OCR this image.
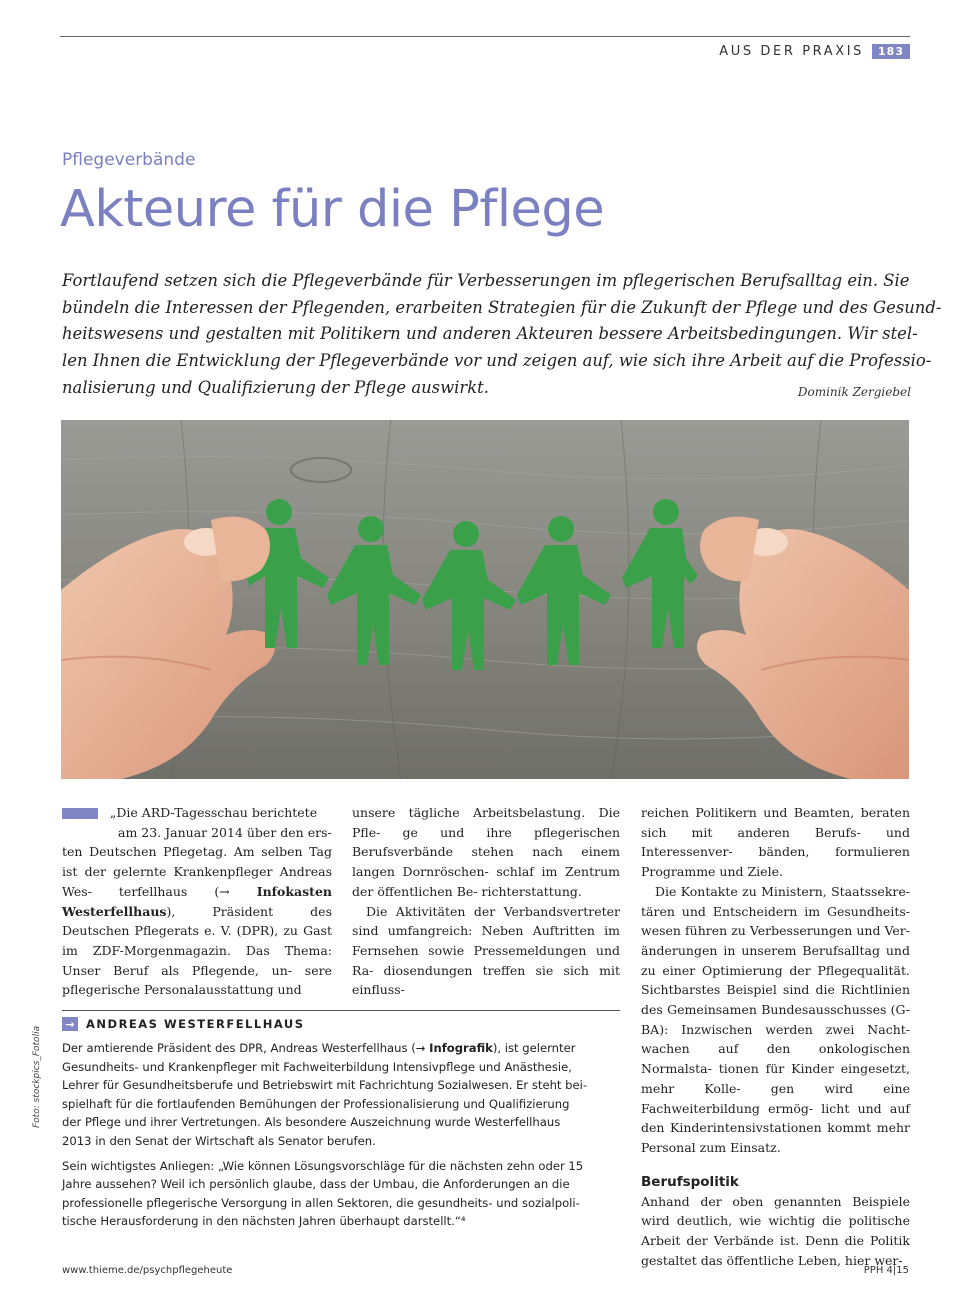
AUS DER PRAXIS	183
Pflegeverbände
Akteure für die Pflege

Fortlaufend setzen sich die Pflegeverbände für Verbesserungen im pflegerischen Berufsalltag ein. Sie

bündeln die Interessen der Pflegenden, erarbeiten Strategien für die Zukunft der Pflege und des Gesund-

heitswesens und gestalten mit Politikern und anderen Akteuren bessere Arbeitsbedingungen. Wir stel-

len Ihnen die Entwicklung der Pflegeverbände vor und zeigen auf, wie sich ihre Arbeit auf die Professio-

nalisierung und Qualifizierung der Pflege auswirkt.	Dominik Zergiebel

„Die ARD-Tagesschau berichtete

am 23. Januar 2014 über den ers-

ten Deutschen Pflegetag. Am selben Tag ist der gelernte Krankenpfleger Andreas Wes- terfellhaus (→ Infokasten Westerfellhaus), Präsident des Deutschen Pflegerats e. V. (DPR), zu Gast im ZDF-Morgenmagazin. Das Thema: Unser Beruf als Pflegende, un- sere pflegerische Personalausstattung und

unsere tägliche Arbeitsbelastung. Die Pfle- ge und ihre pflegerischen Berufsverbände stehen nach einem langen Dornröschen- schlaf im Zentrum der öffentlichen Be- richterstattung.

Die Aktivitäten der Verbandsvertreter sind umfangreich: Neben Auftritten im Fernsehen sowie Pressemeldungen und Ra- diosendungen treffen sie sich mit einfluss-

reichen Politikern und Beamten, beraten sich mit anderen Berufs- und Interessenver- bänden, formulieren Programme und Ziele.

Die Kontakte zu Ministern, Staatssekre- tären und Entscheidern im Gesundheits- wesen führen zu Verbesserungen und Ver- änderungen in unserem Berufsalltag und zu einer Optimierung der Pflegequalität. Sichtbarstes Beispiel sind die Richtlinien des Gemeinsamen Bundesausschusses (G-BA): Inzwischen werden zwei Nacht- wachen auf den onkologischen Normalsta- tionen für Kinder eingesetzt, mehr Kolle- gen wird eine Fachweiterbildung ermög- licht und auf den Kinderintensivstationen kommt mehr Personal zum Einsatz.

Berufspolitik

Anhand der oben genannten Beispiele wird deutlich, wie wichtig die politische Arbeit der Verbände ist. Denn die Politik gestaltet das öffentliche Leben, hier wer-

→ ANDREAS WESTERFELLHAUS

Der amtierende Präsident des DPR, Andreas Westerfellhaus (→ Infografik), ist gelernter

Gesundheits- und Krankenpfleger mit Fachweiterbildung Intensivpflege und Anästhesie,

Lehrer für Gesundheitsberufe und Betriebswirt mit Fachrichtung Sozialwesen. Er steht bei-

spielhaft für die fortlaufenden Bemühungen der Professionalisierung und Qualifizierung

der Pflege und ihrer Vertretungen. Als besondere Auszeichnung wurde Westerfellhaus

2013 in den Senat der Wirtschaft als Senator berufen.

Sein wichtigstes Anliegen: „Wie können Lösungsvorschläge für die nächsten zehn oder 15

Jahre aussehen? Weil ich persönlich glaube, dass der Umbau, die Anforderungen an die

professionelle pflegerische Versorgung in allen Sektoren, die gesundheits- und sozialpoli-

tische Herausforderung in den nächsten Jahren überhaupt darstellt.“⁴

Foto: stockpics_Fotolia
www.thieme.de/psychpflegeheute	PPH 4|15
